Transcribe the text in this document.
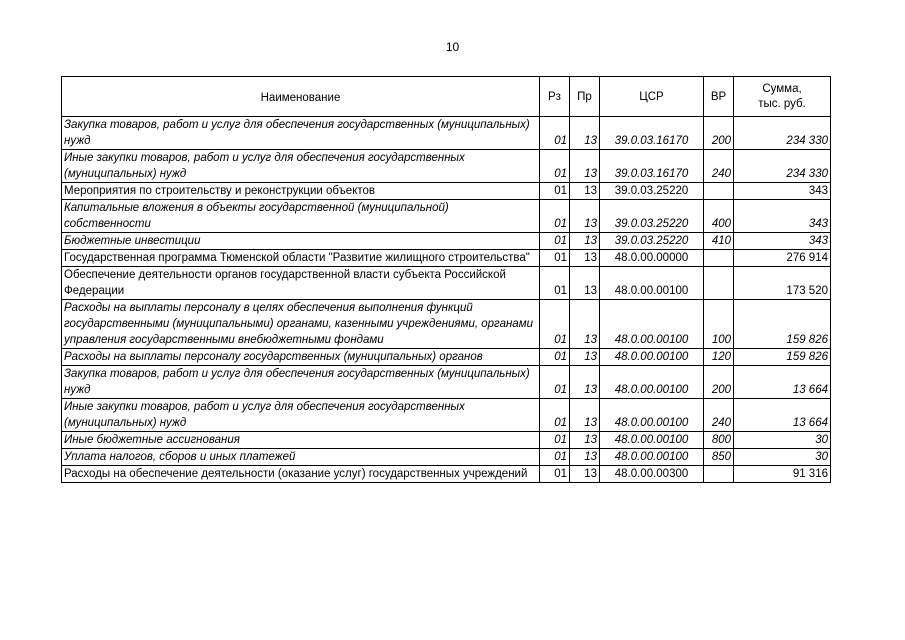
10
Наименование	Рз	Пр	ЦСР	ВР	Сумма,
тыс. руб.
Закупка товаров, работ и услуг для обеспечения государственных (муниципальных) нужд	01	13	39.0.03.16170	200	234 330
Иные закупки товаров, работ и услуг для обеспечения государственных (муниципальных) нужд	01	13	39.0.03.16170	240	234 330
Мероприятия по строительству и реконструкции объектов	01	13	39.0.03.25220		343
Капитальные вложения в объекты государственной (муниципальной) собственности	01	13	39.0.03.25220	400	343
Бюджетные инвестиции	01	13	39.0.03.25220	410	343
Государственная программа Тюменской области "Развитие жилищного строительства"	01	13	48.0.00.00000		276 914
Обеспечение деятельности органов государственной власти субъекта Российской Федерации	01	13	48.0.00.00100		173 520
Расходы на выплаты персоналу в целях обеспечения выполнения функций государственными (муниципальными) органами, казенными учреждениями, органами управления государственными внебюджетными фондами	01	13	48.0.00.00100	100	159 826
Расходы на выплаты персоналу государственных (муниципальных) органов	01	13	48.0.00.00100	120	159 826
Закупка товаров, работ и услуг для обеспечения государственных (муниципальных) нужд	01	13	48.0.00.00100	200	13 664
Иные закупки товаров, работ и услуг для обеспечения государственных (муниципальных) нужд	01	13	48.0.00.00100	240	13 664
Иные бюджетные ассигнования	01	13	48.0.00.00100	800	30
Уплата налогов, сборов и иных платежей	01	13	48.0.00.00100	850	30
Расходы на обеспечение деятельности (оказание услуг) государственных учреждений	01	13	48.0.00.00300		91 316
